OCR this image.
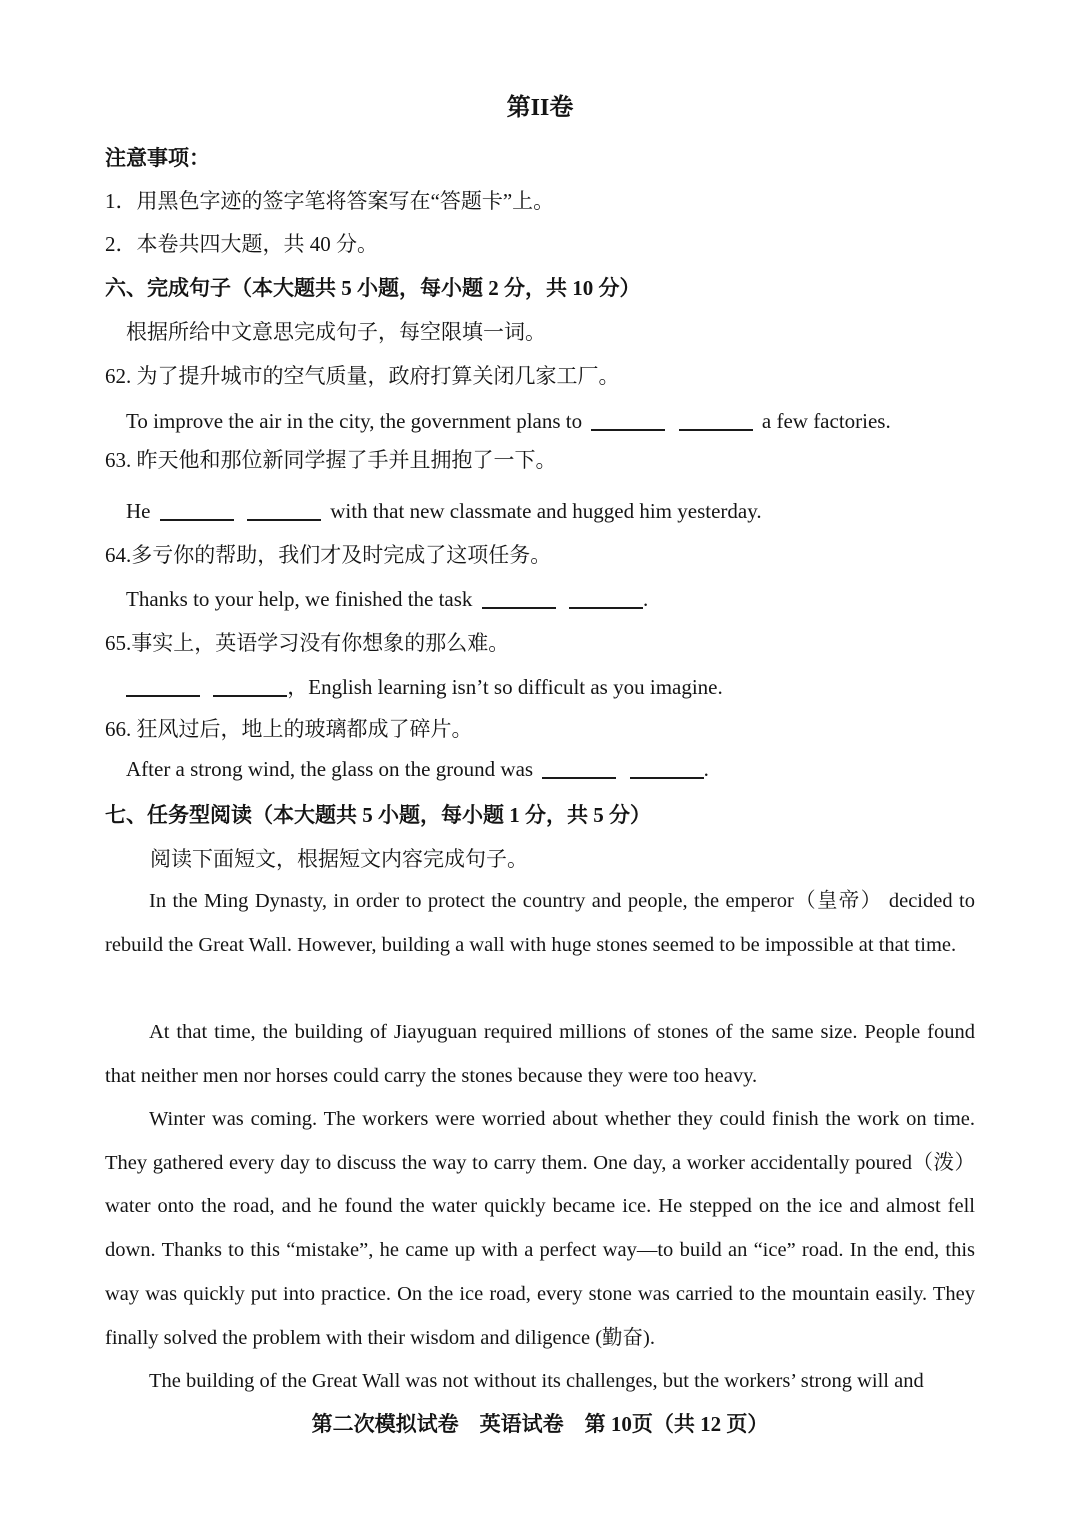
第II卷
注意事项：
1．用黑色字迹的签字笔将答案写在“答题卡”上。
2．本卷共四大题，共 40 分。
六、完成句子（本大题共 5 小题，每小题 2 分，共 10 分）
根据所给中文意思完成句子，每空限填一词。
62. 为了提升城市的空气质量，政府打算关闭几家工厂。
To improve the air in the city, the government plans to	a few factories.
63. 昨天他和那位新同学握了手并且拥抱了一下。
He	with that new classmate and hugged him yesterday.
64.多亏你的帮助，我们才及时完成了这项任务。
Thanks to your help, we finished the task	.
65.事实上，英语学习没有你想象的那么难。
，English learning isn’t so difficult as you imagine.
66. 狂风过后，地上的玻璃都成了碎片。
After a strong wind, the glass on the ground was	.
七、任务型阅读（本大题共 5 小题，每小题 1 分，共 5 分）
阅读下面短文，根据短文内容完成句子。

In the Ming Dynasty, in order to protect the country and people, the emperor（皇帝） decided to rebuild the Great Wall. However, building a wall with huge stones seemed to be impossible at that time.

At that time, the building of Jiayuguan required millions of stones of the same size. People found that neither men nor horses could carry the stones because they were too heavy.

Winter was coming. The workers were worried about whether they could finish the work on time. They gathered every day to discuss the way to carry them. One day, a worker accidentally poured（泼）water onto the road, and he found the water quickly became ice. He stepped on the ice and almost fell down. Thanks to this “mistake”, he came up with a perfect way—to build an “ice” road. In the end, this way was quickly put into practice. On the ice road, every stone was carried to the mountain easily. They finally solved the problem with their wisdom and diligence (勤奋).

The building of the Great Wall was not without its challenges, but the workers’ strong will and

第二次模拟试卷　英语试卷　第 10页（共 12 页）
